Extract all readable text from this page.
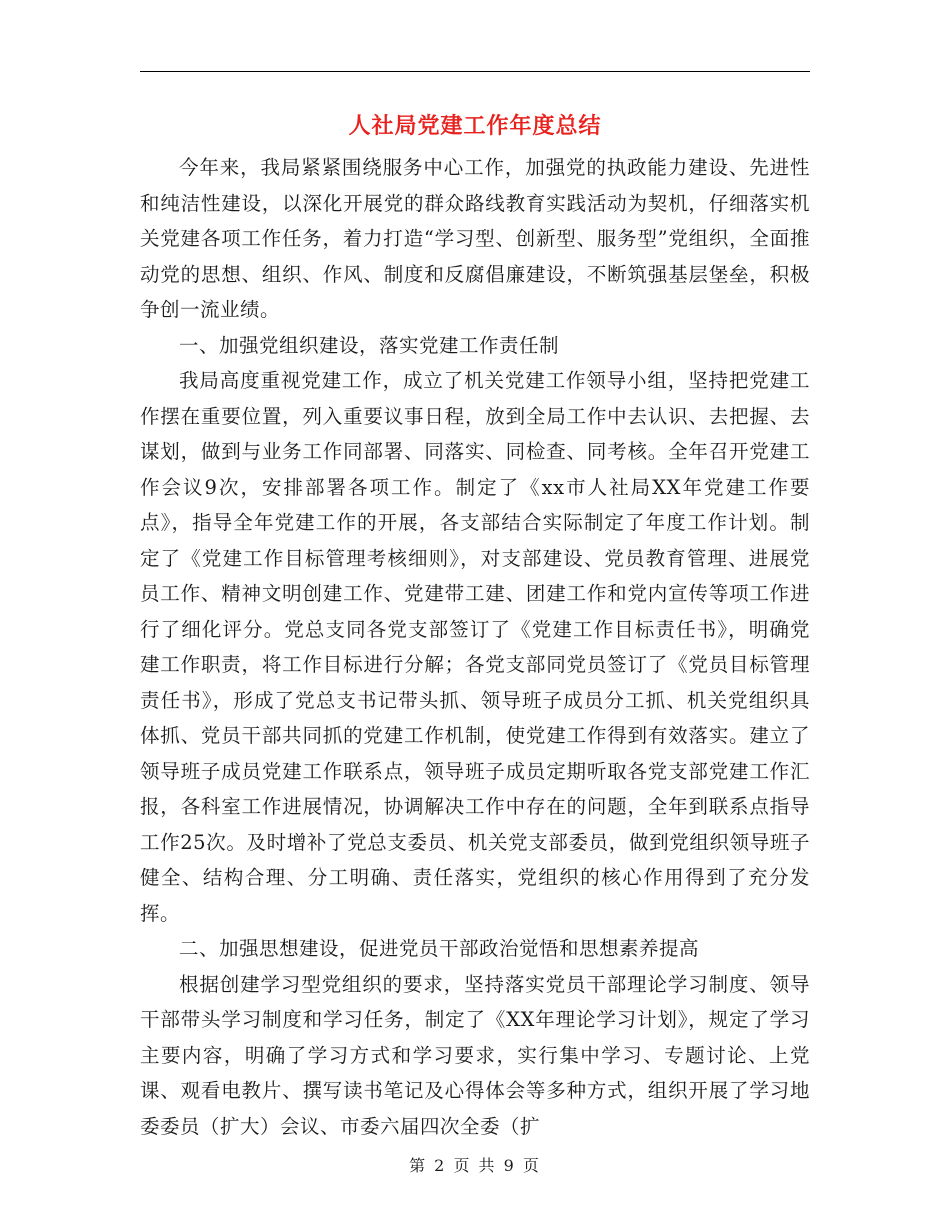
人社局党建工作年度总结

今年来，我局紧紧围绕服务中心工作，加强党的执政能力建设、先进性和纯洁性建设，以深化开展党的群众路线教育实践活动为契机，仔细落实机关党建各项工作任务，着力打造“学习型、创新型、服务型”党组织，全面推动党的思想、组织、作风、制度和反腐倡廉建设，不断筑强基层堡垒，积极争创一流业绩。

一、加强党组织建设，落实党建工作责任制

我局高度重视党建工作，成立了机关党建工作领导小组，坚持把党建工作摆在重要位置，列入重要议事日程，放到全局工作中去认识、去把握、去谋划，做到与业务工作同部署、同落实、同检查、同考核。全年召开党建工作会议9次，安排部署各项工作。制定了《xx市人社局XX年党建工作要点》，指导全年党建工作的开展，各支部结合实际制定了年度工作计划。制定了《党建工作目标管理考核细则》，对支部建设、党员教育管理、进展党员工作、精神文明创建工作、党建带工建、团建工作和党内宣传等项工作进行了细化评分。党总支同各党支部签订了《党建工作目标责任书》，明确党建工作职责，将工作目标进行分解；各党支部同党员签订了《党员目标管理责任书》，形成了党总支书记带头抓、领导班子成员分工抓、机关党组织具体抓、党员干部共同抓的党建工作机制，使党建工作得到有效落实。建立了领导班子成员党建工作联系点，领导班子成员定期听取各党支部党建工作汇报，各科室工作进展情况，协调解决工作中存在的问题，全年到联系点指导工作25次。及时增补了党总支委员、机关党支部委员，做到党组织领导班子健全、结构合理、分工明确、责任落实，党组织的核心作用得到了充分发挥。

二、加强思想建设，促进党员干部政治觉悟和思想素养提高

根据创建学习型党组织的要求，坚持落实党员干部理论学习制度、领导干部带头学习制度和学习任务，制定了《XX年理论学习计划》，规定了学习主要内容，明确了学习方式和学习要求，实行集中学习、专题讨论、上党课、观看电教片、撰写读书笔记及心得体会等多种方式，组织开展了学习地委委员（扩大）会议、市委六届四次全委（扩

第 2 页 共 9 页
